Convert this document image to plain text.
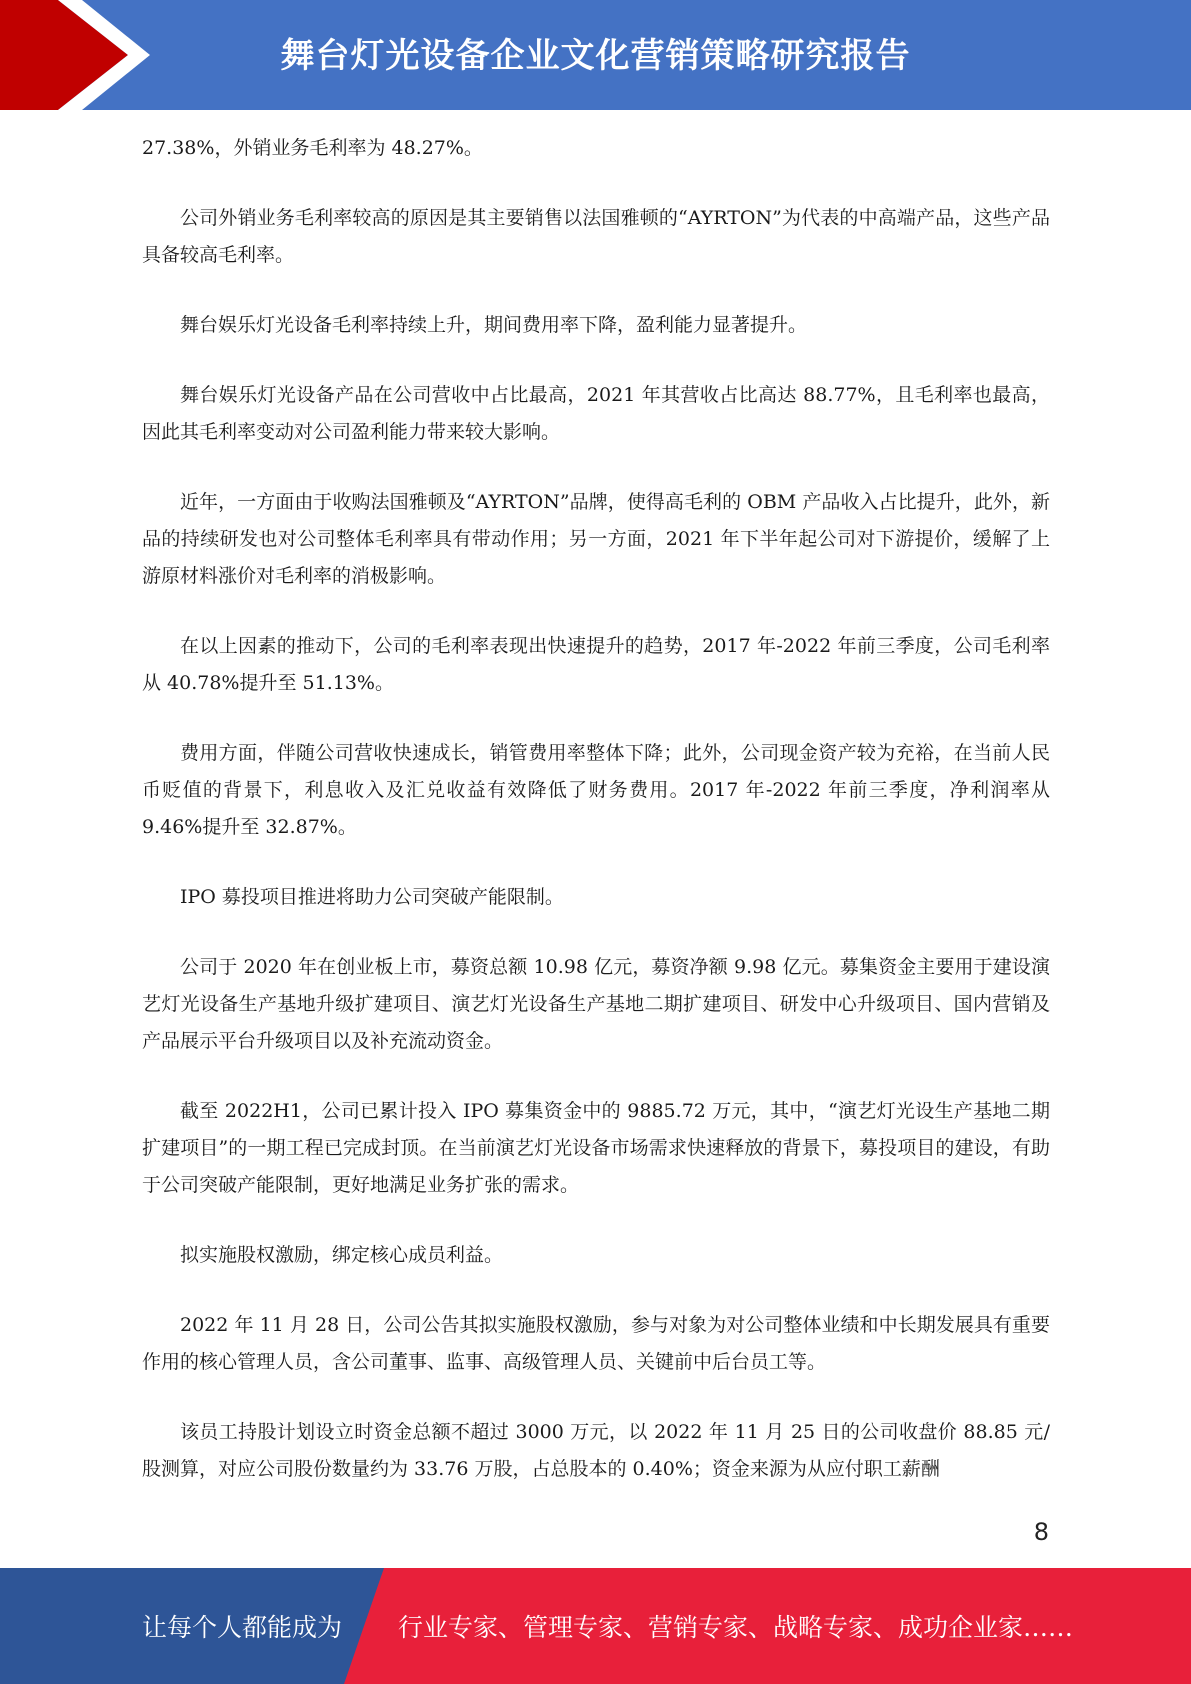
舞台灯光设备企业文化营销策略研究报告

27.38%，外销业务毛利率为 48.27%。

公司外销业务毛利率较高的原因是其主要销售以法国雅顿的“AYRTON”为代表的中高端产品，这些产品具备较高毛利率。

舞台娱乐灯光设备毛利率持续上升，期间费用率下降，盈利能力显著提升。

舞台娱乐灯光设备产品在公司营收中占比最高，2021 年其营收占比高达 88.77%，且毛利率也最高，因此其毛利率变动对公司盈利能力带来较大影响。

近年，一方面由于收购法国雅顿及“AYRTON”品牌，使得高毛利的 OBM 产品收入占比提升，此外，新品的持续研发也对公司整体毛利率具有带动作用；另一方面，2021 年下半年起公司对下游提价，缓解了上游原材料涨价对毛利率的消极影响。

在以上因素的推动下，公司的毛利率表现出快速提升的趋势，2017 年-2022 年前三季度，公司毛利率从 40.78%提升至 51.13%。

费用方面，伴随公司营收快速成长，销管费用率整体下降；此外，公司现金资产较为充裕，在当前人民币贬值的背景下，利息收入及汇兑收益有效降低了财务费用。2017 年-2022 年前三季度，净利润率从 9.46%提升至 32.87%。

IPO 募投项目推进将助力公司突破产能限制。

公司于 2020 年在创业板上市，募资总额 10.98 亿元，募资净额 9.98 亿元。募集资金主要用于建设演艺灯光设备生产基地升级扩建项目、演艺灯光设备生产基地二期扩建项目、研发中心升级项目、国内营销及产品展示平台升级项目以及补充流动资金。

截至 2022H1，公司已累计投入 IPO 募集资金中的 9885.72 万元，其中，“演艺灯光设生产基地二期扩建项目”的一期工程已完成封顶。在当前演艺灯光设备市场需求快速释放的背景下，募投项目的建设，有助于公司突破产能限制，更好地满足业务扩张的需求。

拟实施股权激励，绑定核心成员利益。

2022 年 11 月 28 日，公司公告其拟实施股权激励，参与对象为对公司整体业绩和中长期发展具有重要作用的核心管理人员，含公司董事、监事、高级管理人员、关键前中后台员工等。

该员工持股计划设立时资金总额不超过 3000 万元，以 2022 年 11 月 25 日的公司收盘价 88.85 元/股测算，对应公司股份数量约为 33.76 万股，占总股本的 0.40%；资金来源为从应付职工薪酬

8
让每个人都能成为 行业专家、管理专家、营销专家、战略专家、成功企业家……
